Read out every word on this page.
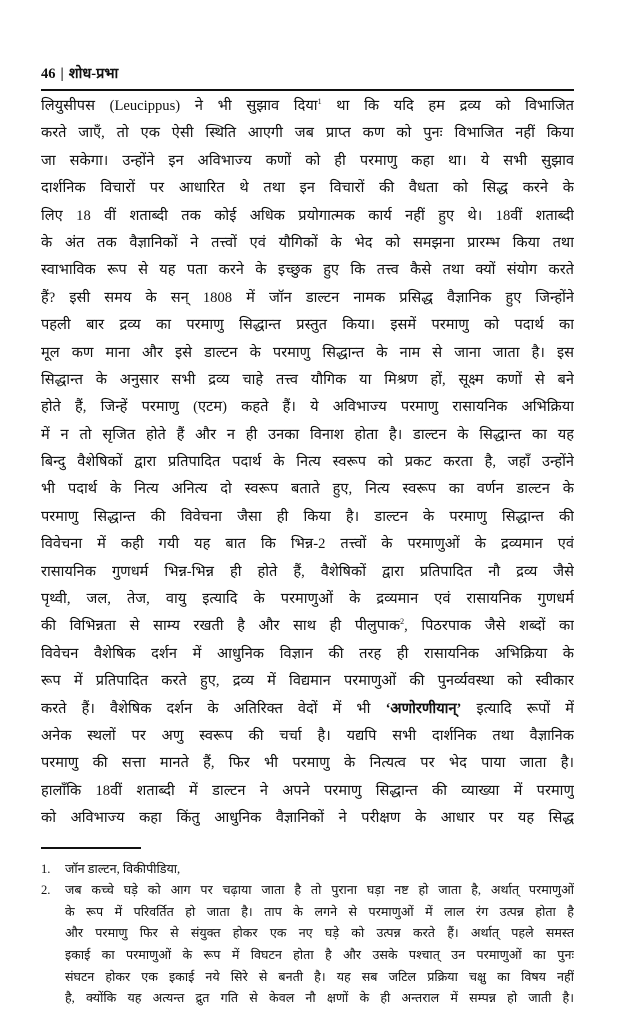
46 | शोध-प्रभा
लियुसीपस (Leucippus) ने भी सुझाव दिया$^1$ था कि यदि हम द्रव्य को विभाजित
करते जाएँ, तो एक ऐसी स्थिति आएगी जब प्राप्त कण को पुनः विभाजित नहीं किया
जा सकेगा। उन्होंने इन अविभाज्य कणों को ही परमाणु कहा था। ये सभी सुझाव
दार्शनिक विचारों पर आधारित थे तथा इन विचारों की वैधता को सिद्ध करने के
लिए 18 वीं शताब्दी तक कोई अधिक प्रयोगात्मक कार्य नहीं हुए थे। 18वीं शताब्दी
के अंत तक वैज्ञानिकों ने तत्त्वों एवं यौगिकों के भेद को समझना प्रारम्भ किया तथा
स्वाभाविक रूप से यह पता करने के इच्छुक हुए कि तत्त्व कैसे तथा क्यों संयोग करते
हैं? इसी समय के सन् 1808 में जॉन डाल्टन नामक प्रसिद्ध वैज्ञानिक हुए जिन्होंने
पहली बार द्रव्य का परमाणु सिद्धान्त प्रस्तुत किया। इसमें परमाणु को पदार्थ का
मूल कण माना और इसे डाल्टन के परमाणु सिद्धान्त के नाम से जाना जाता है। इस
सिद्धान्त के अनुसार सभी द्रव्य चाहे तत्त्व यौगिक या मिश्रण हों, सूक्ष्म कणों से बने
होते हैं, जिन्हें परमाणु (एटम) कहते हैं। ये अविभाज्य परमाणु रासायनिक अभिक्रिया
में न तो सृजित होते हैं और न ही उनका विनाश होता है। डाल्टन के सिद्धान्त का यह
बिन्दु वैशेषिकों द्वारा प्रतिपादित पदार्थ के नित्य स्वरूप को प्रकट करता है, जहाँ उन्होंने
भी पदार्थ के नित्य अनित्य दो स्वरूप बताते हुए, नित्य स्वरूप का वर्णन डाल्टन के
परमाणु सिद्धान्त की विवेचना जैसा ही किया है। डाल्टन के परमाणु सिद्धान्त की
विवेचना में कही गयी यह बात कि भिन्न-2 तत्त्वों के परमाणुओं के द्रव्यमान एवं
रासायनिक गुणधर्म भिन्न-भिन्न ही होते हैं, वैशेषिकों द्वारा प्रतिपादित नौ द्रव्य जैसे
पृथ्वी, जल, तेज, वायु इत्यादि के परमाणुओं के द्रव्यमान एवं रासायनिक गुणधर्म
की विभिन्नता से साम्य रखती है और साथ ही पीलुपाक$^2$, पिठरपाक जैसे शब्दों का
विवेचन वैशेषिक दर्शन में आधुनिक विज्ञान की तरह ही रासायनिक अभिक्रिया के
रूप में प्रतिपादित करते हुए, द्रव्य में विद्यमान परमाणुओं की पुनर्व्यवस्था को स्वीकार
करते हैं। वैशेषिक दर्शन के अतिरिक्त वेदों में भी ‘अणोरणीयान्’ इत्यादि रूपों में
अनेक स्थलों पर अणु स्वरूप की चर्चा है। यद्यपि सभी दार्शनिक तथा वैज्ञानिक
परमाणु की सत्ता मानते हैं, फिर भी परमाणु के नित्यत्व पर भेद पाया जाता है।
हालाँकि 18वीं शताब्दी में डाल्टन ने अपने परमाणु सिद्धान्त की व्याख्या में परमाणु
को अविभाज्य कहा किंतु आधुनिक वैज्ञानिकों ने परीक्षण के आधार पर यह सिद्ध
1.	जॉन डाल्टन, विकीपीडिया,
2.	जब कच्चे घड़े को आग पर चढ़ाया जाता है तो पुराना घड़ा नष्ट हो जाता है, अर्थात् परमाणुओं
के रूप में परिवर्तित हो जाता है। ताप के लगने से परमाणुओं में लाल रंग उत्पन्न होता है
और परमाणु फिर से संयुक्त होकर एक नए घड़े को उत्पन्न करते हैं। अर्थात् पहले समस्त
इकाई का परमाणुओं के रूप में विघटन होता है और उसके पश्चात् उन परमाणुओं का पुनः
संघटन होकर एक इकाई नये सिरे से बनती है। यह सब जटिल प्रक्रिया चक्षु का विषय नहीं
है, क्योंकि यह अत्यन्त द्रुत गति से केवल नौ क्षणों के ही अन्तराल में सम्पन्न हो जाती है।
